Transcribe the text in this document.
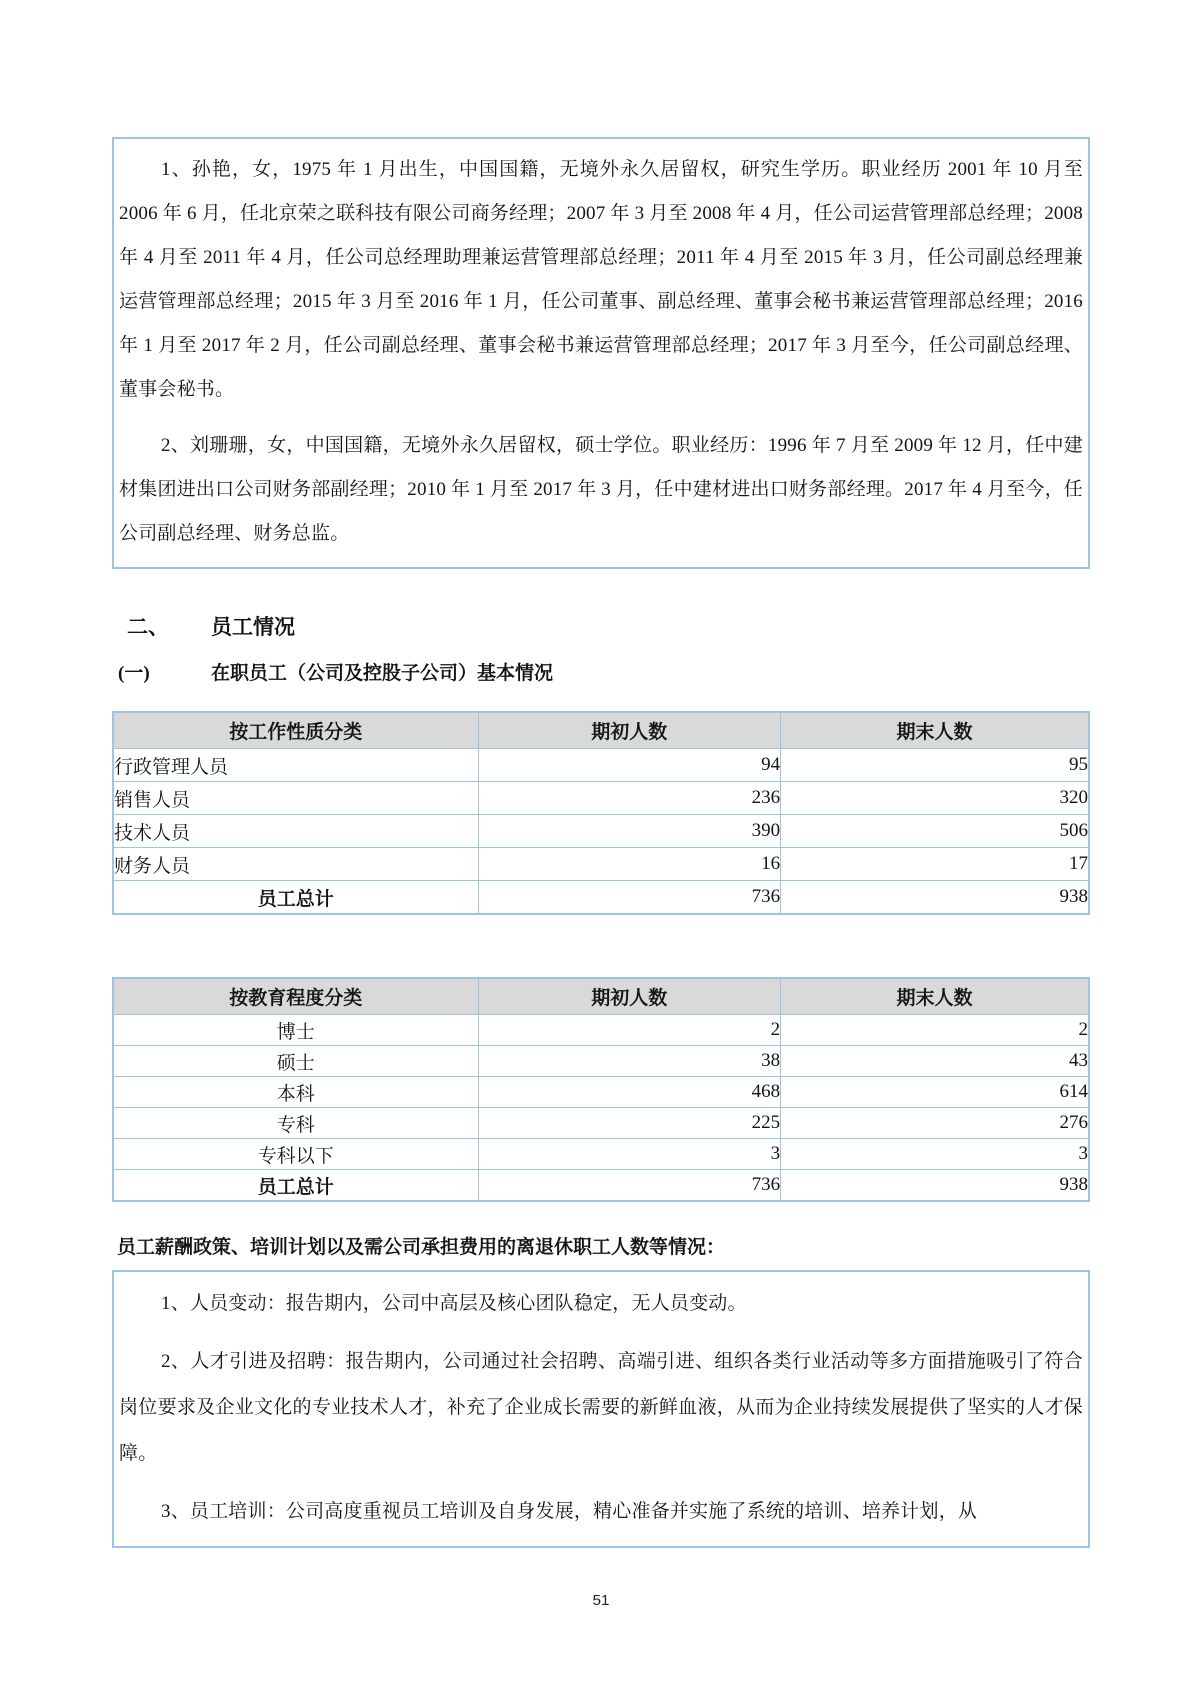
1、孙艳，女，1975 年 1 月出生，中国国籍，无境外永久居留权，研究生学历。职业经历 2001 年 10 月至 2006 年 6 月，任北京荣之联科技有限公司商务经理；2007 年 3 月至 2008 年 4 月，任公司运营管理部总经理；2008 年 4 月至 2011 年 4 月，任公司总经理助理兼运营管理部总经理；2011 年 4 月至 2015 年 3 月，任公司副总经理兼运营管理部总经理；2015 年 3 月至 2016 年 1 月，任公司董事、副总经理、董事会秘书兼运营管理部总经理；2016 年 1 月至 2017 年 2 月，任公司副总经理、董事会秘书兼运营管理部总经理；2017 年 3 月至今，任公司副总经理、董事会秘书。

2、刘珊珊，女，中国国籍，无境外永久居留权，硕士学位。职业经历：1996 年 7 月至 2009 年 12 月，任中建材集团进出口公司财务部副经理；2010 年 1 月至 2017 年 3 月，任中建材进出口财务部经理。2017 年 4 月至今，任公司副总经理、财务总监。

二、	员工情况
(一)	在职员工（公司及控股子公司）基本情况
按工作性质分类	期初人数	期末人数
行政管理人员	94	95
销售人员	236	320
技术人员	390	506
财务人员	16	17
员工总计	736	938
按教育程度分类	期初人数	期末人数
博士	2	2
硕士	38	43
本科	468	614
专科	225	276
专科以下	3	3
员工总计	736	938

员工薪酬政策、培训计划以及需公司承担费用的离退休职工人数等情况：

1、人员变动：报告期内，公司中高层及核心团队稳定，无人员变动。

2、人才引进及招聘：报告期内，公司通过社会招聘、高端引进、组织各类行业活动等多方面措施吸引了符合岗位要求及企业文化的专业技术人才，补充了企业成长需要的新鲜血液，从而为企业持续发展提供了坚实的人才保障。

3、员工培训：公司高度重视员工培训及自身发展，精心准备并实施了系统的培训、培养计划，从

51
